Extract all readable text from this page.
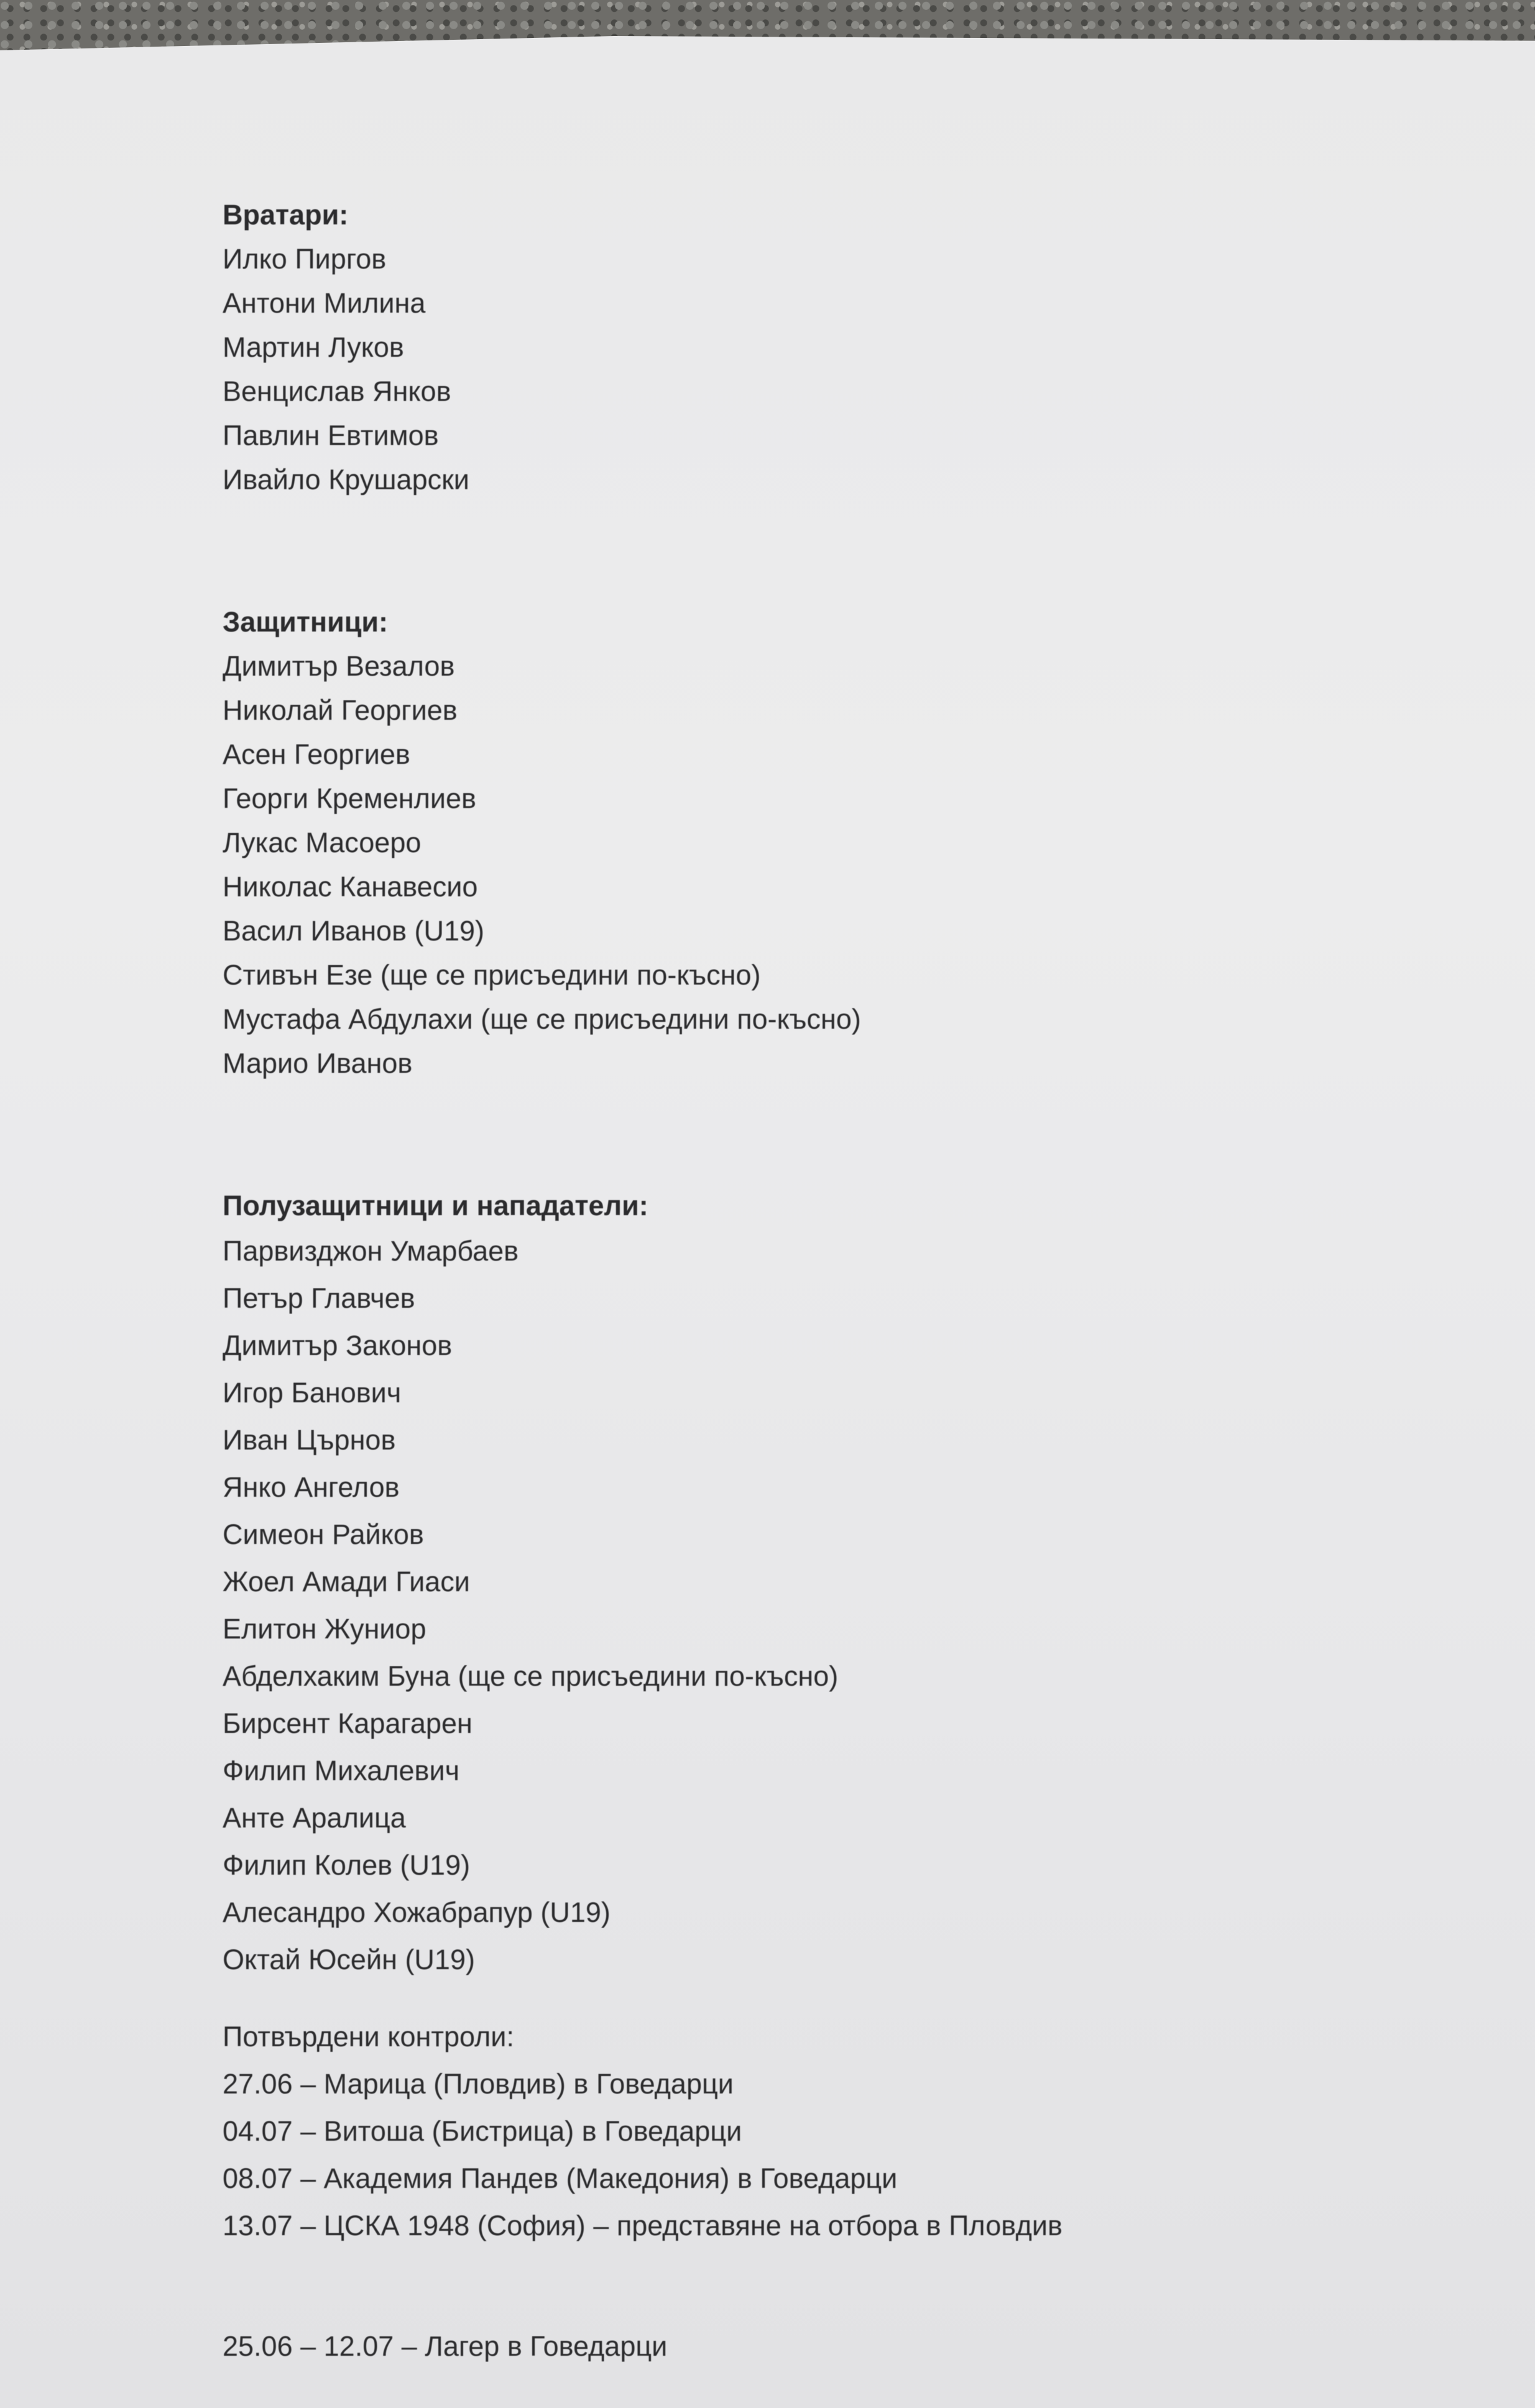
Вратари:
Илко Пиргов
Антони Милина
Мартин Луков
Венцислав Янков
Павлин Евтимов
Ивайло Крушарски
Защитници:
Димитър Везалов
Николай Георгиев
Асен Георгиев
Георги Кременлиев
Лукас Масоеро
Николас Канавесио
Васил Иванов (U19)
Стивън Езе (ще се присъедини по-късно)
Мустафа Абдулахи (ще се присъедини по-късно)
Марио Иванов
Полузащитници и нападатели:
Парвизджон Умарбаев
Петър Главчев
Димитър Законов
Игор Банович
Иван Църнов
Янко Ангелов
Симеон Райков
Жоел Амади Гиаси
Елитон Жуниор
Абделхаким Буна (ще се присъедини по-късно)
Бирсент Карагарен
Филип Михалевич
Анте Аралица
Филип Колев (U19)
Алесандро Хожабрапур (U19)
Октай Юсейн (U19)
Потвърдени контроли:
27.06 – Марица (Пловдив) в Говедарци
04.07 – Витоша (Бистрица) в Говедарци
08.07 – Академия Пандев (Македония) в Говедарци
13.07 – ЦСКА 1948 (София) – представяне на отбора в Пловдив
25.06 – 12.07 – Лагер в Говедарци
